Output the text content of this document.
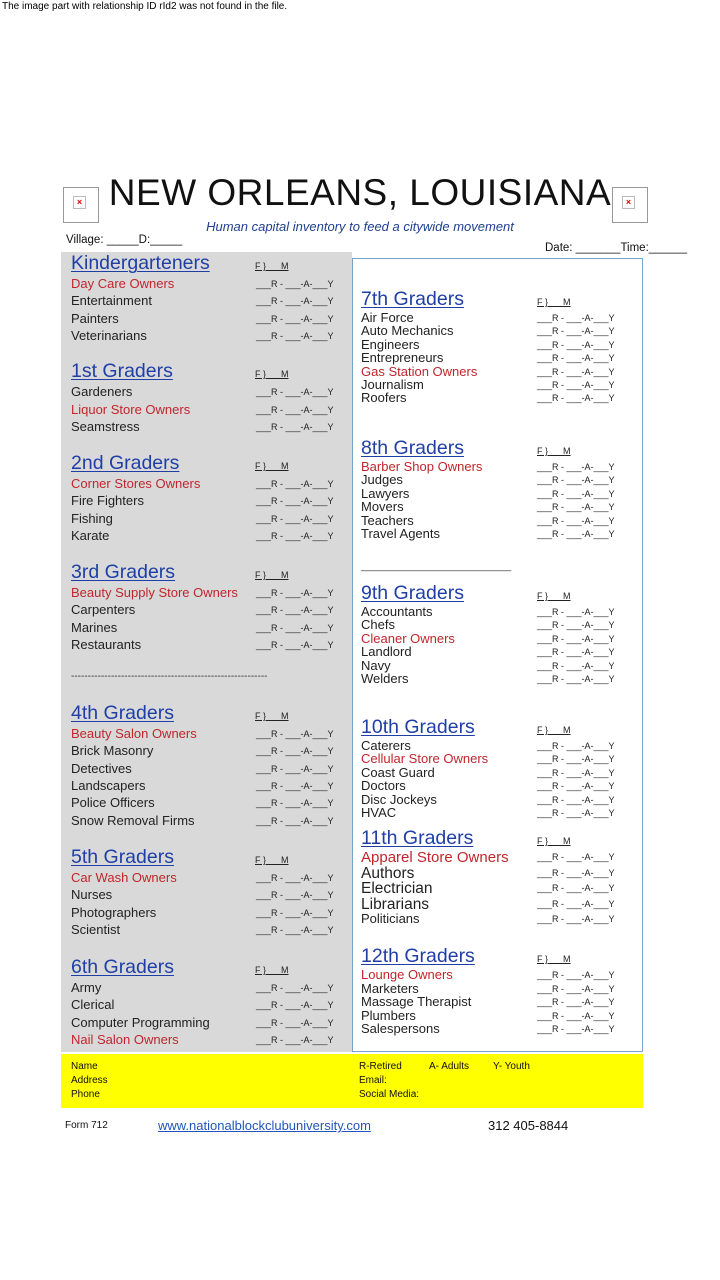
The image part with relationship ID rId2 was not found in the file.
×	×
NEW ORLEANS, LOUISIANA
Human capital inventory to feed a citywide movement
Village: _____D:_____
Date: _______Time:______
Kindergarteners	F }      M
Day Care Owners	___R - ___-A-___Y
Entertainment	___R - ___-A-___Y
Painters	___R - ___-A-___Y
Veterinarians	___R - ___-A-___Y
1st Graders	F }      M
Gardeners	___R - ___-A-___Y
Liquor Store Owners	___R - ___-A-___Y
Seamstress	___R - ___-A-___Y
2nd Graders	F }      M
Corner Stores Owners	___R - ___-A-___Y
Fire Fighters	___R - ___-A-___Y
Fishing	___R - ___-A-___Y
Karate	___R - ___-A-___Y
3rd Graders	F }      M
Beauty Supply Store Owners ___R - ___-A-___Y
Carpenters	___R - ___-A-___Y
Marines	___R - ___-A-___Y
Restaurants	___R - ___-A-___Y
4th Graders	F }      M
Beauty Salon Owners	___R - ___-A-___Y
Brick Masonry	___R - ___-A-___Y
Detectives	___R - ___-A-___Y
Landscapers	___R - ___-A-___Y
Police Officers	___R - ___-A-___Y
Snow Removal Firms	___R - ___-A-___Y
5th Graders	F }      M
Car Wash Owners	___R - ___-A-___Y
Nurses	___R - ___-A-___Y
Photographers	___R - ___-A-___Y
Scientist	___R - ___-A-___Y
6th Graders	F }      M
Army	___R - ___-A-___Y
Clerical	___R - ___-A-___Y
Computer Programming	___R - ___-A-___Y
Nail Salon Owners	___R - ___-A-___Y
7th Graders	F }      M
Air Force	___R - ___-A-___Y
Auto Mechanics	___R - ___-A-___Y
Engineers	___R - ___-A-___Y
Entrepreneurs	___R - ___-A-___Y
Gas Station Owners	___R - ___-A-___Y
Journalism	___R - ___-A-___Y
Roofers	___R - ___-A-___Y
8th Graders	F }      M
Barber Shop Owners	___R - ___-A-___Y
Judges	___R - ___-A-___Y
Lawyers	___R - ___-A-___Y
Movers	___R - ___-A-___Y
Teachers	___R - ___-A-___Y
Travel Agents	___R - ___-A-___Y
9th Graders	F }      M
Accountants	___R - ___-A-___Y
Chefs	___R - ___-A-___Y
Cleaner Owners	___R - ___-A-___Y
Landlord	___R - ___-A-___Y
Navy	___R - ___-A-___Y
Welders	___R - ___-A-___Y
10th Graders	F }      M
Caterers	___R - ___-A-___Y
Cellular Store Owners	___R - ___-A-___Y
Coast Guard	___R - ___-A-___Y
Doctors	___R - ___-A-___Y
Disc Jockeys	___R - ___-A-___Y
HVAC	___R - ___-A-___Y
11th Graders	F }      M
Apparel Store Owners	___R - ___-A-___Y
Authors	___R - ___-A-___Y
Electrician	___R - ___-A-___Y
Librarians	___R - ___-A-___Y
Politicians	___R - ___-A-___Y
12th Graders	F }      M
Lounge Owners	___R - ___-A-___Y
Marketers	___R - ___-A-___Y
Massage Therapist	___R - ___-A-___Y
Plumbers	___R - ___-A-___Y
Salespersons	___R - ___-A-___Y
-----------------------------------------------------------
___________________________
Name
Address
Phone
R-Retired	A- Adults Y- Youth
Email:
Social Media:
Form 712	www.nationalblockclubuniversity.com	312 405-8844
